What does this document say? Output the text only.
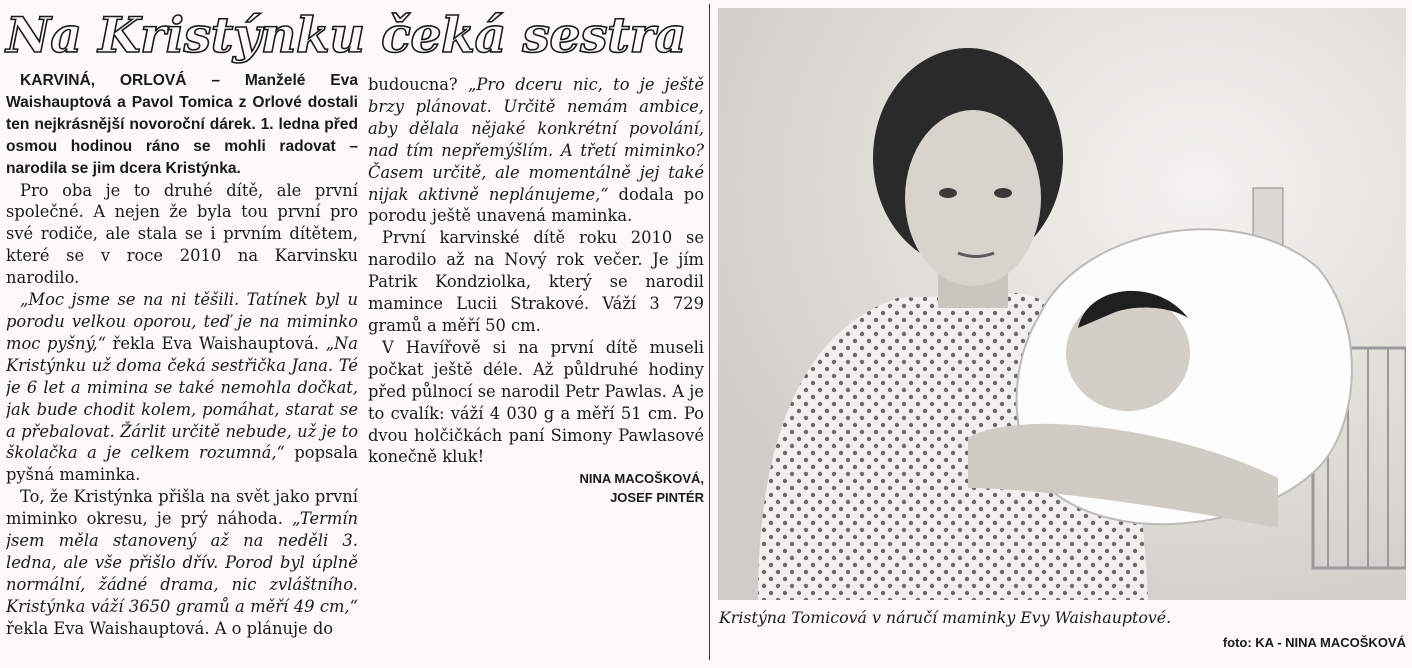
Na Kristýnku čeká sestra

KARVINÁ, ORLOVÁ – Manželé Eva Waishauptová a Pavol Tomica z Orlové dostali ten nejkrásnější novoroční dárek. 1. ledna před osmou hodinou ráno se mohli radovat – narodila se jim dcera Kristýnka.

Pro oba je to druhé dítě, ale první společné. A nejen že byla tou první pro své rodiče, ale stala se i prvním dítětem, které se v roce 2010 na Karvinsku narodilo.

„Moc jsme se na ni těšili. Tatínek byl u porodu velkou oporou, teď je na miminko moc pyšný,“ řekla Eva Waishauptová. „Na Kristýnku už doma čeká sestřička Jana. Té je 6 let a mimina se také nemohla dočkat, jak bude chodit kolem, pomáhat, starat se a přebalovat. Žárlit určitě nebude, už je to školačka a je celkem rozumná,“ popsala pyšná maminka.

To, že Kristýnka přišla na svět jako první miminko okresu, je prý náhoda. „Termín jsem měla stanovený až na neděli 3. ledna, ale vše přišlo dřív. Porod byl úplně normální, žádné drama, nic zvláštního. Kristýnka váží 3650 gramů a měří 49 cm,“ řekla Eva Waishauptová. A o plánuje do

budoucna? „Pro dceru nic, to je ještě brzy plánovat. Určitě nemám ambice, aby dělala nějaké konkrétní povolání, nad tím nepřemýšlím. A třetí miminko? Časem určitě, ale momentálně jej také nijak aktivně neplánujeme,“ dodala po porodu ještě unavená maminka.

První karvinské dítě roku 2010 se narodilo až na Nový rok večer. Je jím Patrik Kondziolka, který se narodil mamince Lucii Strakové. Váží 3 729 gramů a měří 50 cm.

V Havířově si na první dítě museli počkat ještě déle. Až půldruhé hodiny před půlnocí se narodil Petr Pawlas. A je to cvalík: váží 4 030 g a měří 51 cm. Po dvou holčičkách paní Simony Pawlasové konečně kluk!

NINA MACOŠKOVÁ,

JOSEF PINTÉR

Kristýna Tomicová v náručí maminky Evy Waishauptové.

foto: KA - NINA MACOŠKOVÁ
